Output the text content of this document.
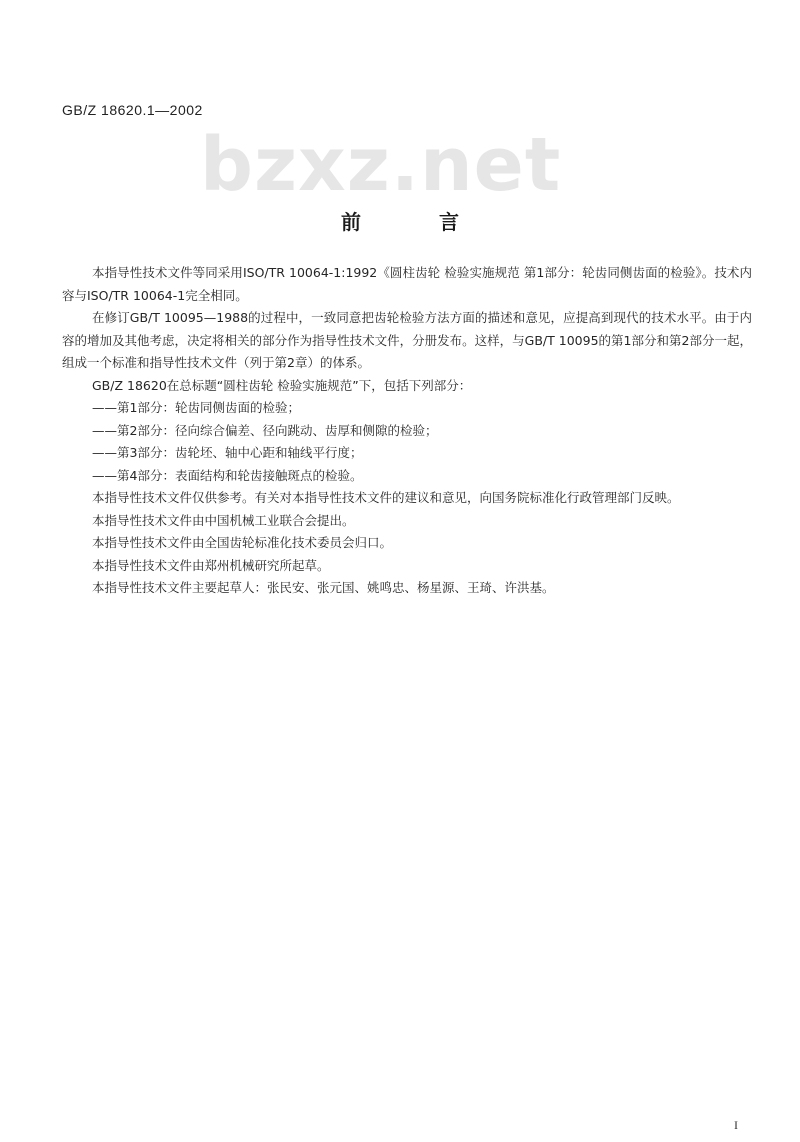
GB/Z 18620.1—2002
bzxz.net
前言

本指导性技术文件等同采用ISO/TR 10064-1:1992《圆柱齿轮 检验实施规范 第1部分：轮齿同侧齿面的检验》。技术内容与ISO/TR 10064-1完全相同。

在修订GB/T 10095—1988的过程中，一致同意把齿轮检验方法方面的描述和意见，应提高到现代的技术水平。由于内容的增加及其他考虑，决定将相关的部分作为指导性技术文件，分册发布。这样，与GB/T 10095的第1部分和第2部分一起，组成一个标准和指导性技术文件（列于第2章）的体系。

GB/Z 18620在总标题“圆柱齿轮 检验实施规范”下，包括下列部分：

——第1部分：轮齿同侧齿面的检验；

——第2部分：径向综合偏差、径向跳动、齿厚和侧隙的检验；

——第3部分：齿轮坯、轴中心距和轴线平行度；

——第4部分：表面结构和轮齿接触斑点的检验。

本指导性技术文件仅供参考。有关对本指导性技术文件的建议和意见，向国务院标准化行政管理部门反映。

本指导性技术文件由中国机械工业联合会提出。

本指导性技术文件由全国齿轮标准化技术委员会归口。

本指导性技术文件由郑州机械研究所起草。

本指导性技术文件主要起草人：张民安、张元国、姚鸣忠、杨星源、王琦、许洪基。

I
